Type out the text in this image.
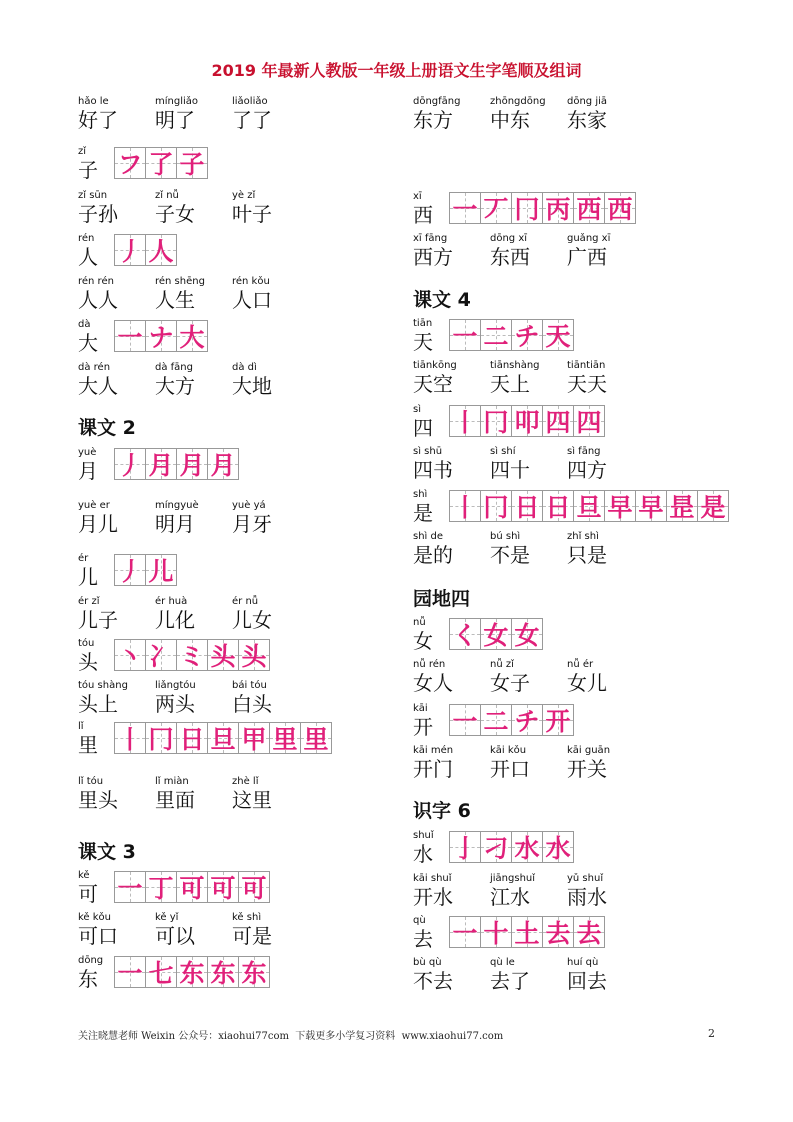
2019 年最新人教版一年级上册语文生字笔顺及组词
hǎo le
好了
míngliǎo
明了
liǎoliǎo
了了
zǐ
子 フ 了 子
zǐ sūn
子孙
zǐ nǚ
子女
yè zǐ
叶子
rén
人 丿 人
rén rén
人人
rén shēng
人生
rén kǒu
人口
dà
大 一 ナ 大
dà rén
大人
dà fāng
大方
dà dì
大地
课文 2
yuè
月 丿 月 月 月
yuè er
月儿
míngyuè
明月
yuè yá
月牙
ér
儿 丿 儿
ér zǐ
儿子
ér huà
儿化
ér nǚ
儿女
tóu
头 丶 冫 ミ 头 头
tóu shàng
头上
liǎngtóu
两头
bái tóu
白头
lǐ
里 丨 冂 日 旦 甲 里 里
lǐ tóu
里头
lǐ miàn
里面
zhè lǐ
这里
课文 3
kě
可 一 丁 可 可 可
kě kǒu
可口
kě yǐ
可以
kě shì
可是
dōng
东 一 七 东 东 东
dōngfāng
东方
zhōngdōng
中东
dōng jiā
东家
xī
西 一 丆 冂 丙 西 西
xī fāng
西方
dōng xī
东西
guǎng xī
广西
课文 4
tiān
天 一 二 チ 天
tiānkōng
天空
tiānshàng
天上
tiāntiān
天天
sì
四 丨 冂 叩 四 四
sì shū
四书
sì shí
四十
sì fāng
四方
shì
是 丨 冂 日 日 旦 早 早 昰 是
shì de
是的
bú shì
不是
zhǐ shì
只是
园地四
nǚ
女 く 女 女
nǚ rén
女人
nǚ zǐ
女子
nǚ ér
女儿
kāi
开 一 二 チ 开
kāi mén
开门
kāi kǒu
开口
kāi guān
开关
识字 6
shuǐ
水 亅 刁 水 水
kāi shuǐ
开水
jiāngshuǐ
江水
yǔ shuǐ
雨水
qù
去 一 十 土 去 去
bù qù
不去
qù le
去了
huí qù
回去
关注晓慧老师 Weixin 公众号：xiaohui77com  下载更多小学复习资料  www.xiaohui77.com	2
